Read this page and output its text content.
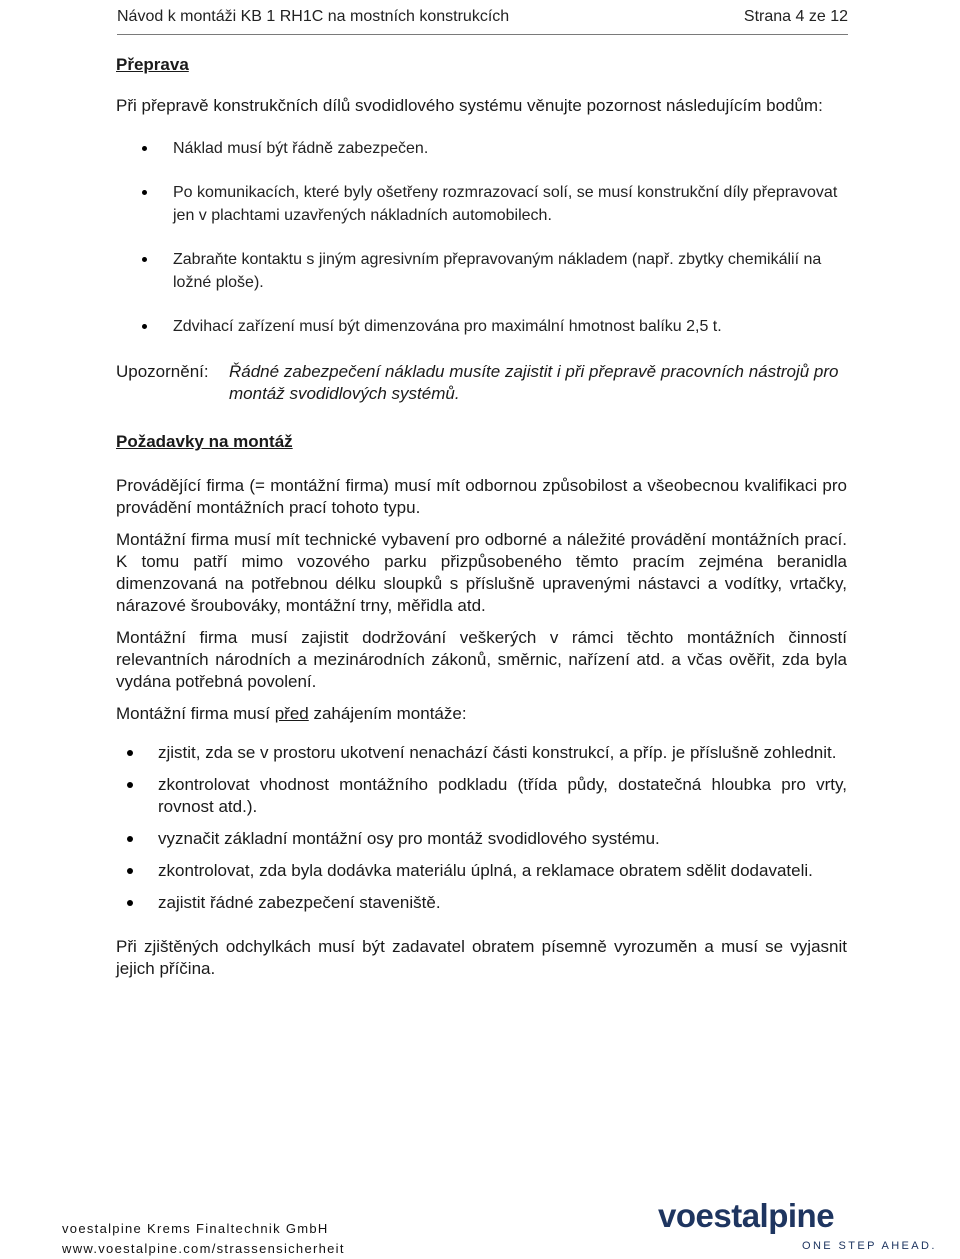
Návod k montáži KB 1 RH1C na mostních konstrukcích	Strana 4 ze 12
Přeprava

Při přepravě konstrukčních dílů svodidlového systému věnujte pozornost následujícím bodům:

Náklad musí být řádně zabezpečen.
Po komunikacích, které byly ošetřeny rozmrazovací solí, se musí konstrukční díly přepravovat jen v plachtami uzavřených nákladních automobilech.
Zabraňte kontaktu s jiným agresivním přepravovaným nákladem (např. zbytky chemikálií na ložné ploše).
Zdvihací zařízení musí být dimenzována pro maximální hmotnost balíku 2,5 t.
Upozornění: Řádné zabezpečení nákladu musíte zajistit i při přepravě pracovních nástrojů pro montáž svodidlových systémů.
Požadavky na montáž

Provádějící firma (= montážní firma) musí mít odbornou způsobilost a všeobecnou kvalifikaci pro provádění montážních prací tohoto typu.

Montážní firma musí mít technické vybavení pro odborné a náležité provádění montážních prací. K tomu patří mimo vozového parku přizpůsobeného těmto pracím zejména beranidla dimenzovaná na potřebnou délku sloupků s příslušně upravenými nástavci a vodítky, vrtačky, nárazové šroubováky, montážní trny, měřidla atd.

Montážní firma musí zajistit dodržování veškerých v rámci těchto montážních činností relevantních národních a mezinárodních zákonů, směrnic, nařízení atd. a včas ověřit, zda byla vydána potřebná povolení.

Montážní firma musí před zahájením montáže:

zjistit, zda se v prostoru ukotvení nenachází části konstrukcí, a příp. je příslušně zohlednit.
zkontrolovat vhodnost montážního podkladu (třída půdy, dostatečná hloubka pro vrty, rovnost atd.).
vyznačit základní montážní osy pro montáž svodidlového systému.
zkontrolovat, zda byla dodávka materiálu úplná, a reklamace obratem sdělit dodavateli.
zajistit řádné zabezpečení staveniště.

Při zjištěných odchylkách musí být zadavatel obratem písemně vyrozuměn a musí se vyjasnit jejich příčina.

voestalpine Krems Finaltechnik GmbH
www.voestalpine.com/strassensicherheit
voestalpine
ONE STEP AHEAD.
